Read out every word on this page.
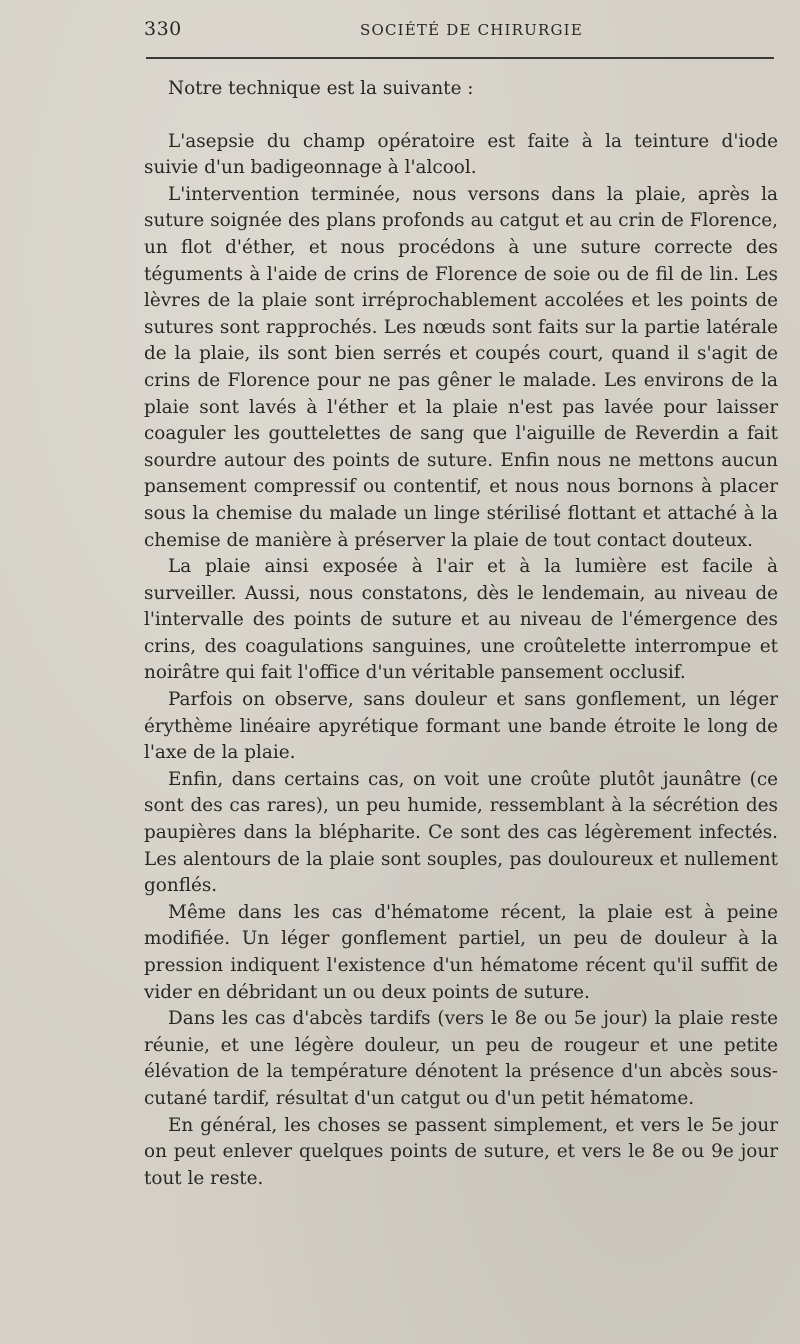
330	SOCIÉTÉ DE CHIRURGIE

Notre technique est la suivante :

L'asepsie du champ opératoire est faite à la teinture d'iode suivie d'un badigeonnage à l'alcool.

L'intervention terminée, nous versons dans la plaie, après la suture soignée des plans profonds au catgut et au crin de Florence, un flot d'éther, et nous procédons à une suture correcte des téguments à l'aide de crins de Florence de soie ou de fil de lin. Les lèvres de la plaie sont irréprochablement accolées et les points de sutures sont rapprochés. Les nœuds sont faits sur la partie latérale de la plaie, ils sont bien serrés et coupés court, quand il s'agit de crins de Florence pour ne pas gêner le malade. Les environs de la plaie sont lavés à l'éther et la plaie n'est pas lavée pour laisser coaguler les gouttelettes de sang que l'aiguille de Reverdin a fait sourdre autour des points de suture. Enfin nous ne mettons aucun pansement compressif ou contentif, et nous nous bornons à placer sous la chemise du malade un linge stérilisé flottant et attaché à la chemise de manière à préserver la plaie de tout contact douteux.

La plaie ainsi exposée à l'air et à la lumière est facile à surveiller. Aussi, nous constatons, dès le lendemain, au niveau de l'intervalle des points de suture et au niveau de l'émergence des crins, des coagulations sanguines, une croûtelette interrompue et noirâtre qui fait l'office d'un véritable pansement occlusif.

Parfois on observe, sans douleur et sans gonflement, un léger érythème linéaire apyrétique formant une bande étroite le long de l'axe de la plaie.

Enfin, dans certains cas, on voit une croûte plutôt jaunâtre (ce sont des cas rares), un peu humide, ressemblant à la sécrétion des paupières dans la blépharite. Ce sont des cas légèrement infectés. Les alentours de la plaie sont souples, pas douloureux et nullement gonflés.

Même dans les cas d'hématome récent, la plaie est à peine modifiée. Un léger gonflement partiel, un peu de douleur à la pression indiquent l'existence d'un hématome récent qu'il suffit de vider en débridant un ou deux points de suture.

Dans les cas d'abcès tardifs (vers le 8e ou 5e jour) la plaie reste réunie, et une légère douleur, un peu de rougeur et une petite élévation de la température dénotent la présence d'un abcès sous-cutané tardif, résultat d'un catgut ou d'un petit hématome.

En général, les choses se passent simplement, et vers le 5e jour on peut enlever quelques points de suture, et vers le 8e ou 9e jour tout le reste.
